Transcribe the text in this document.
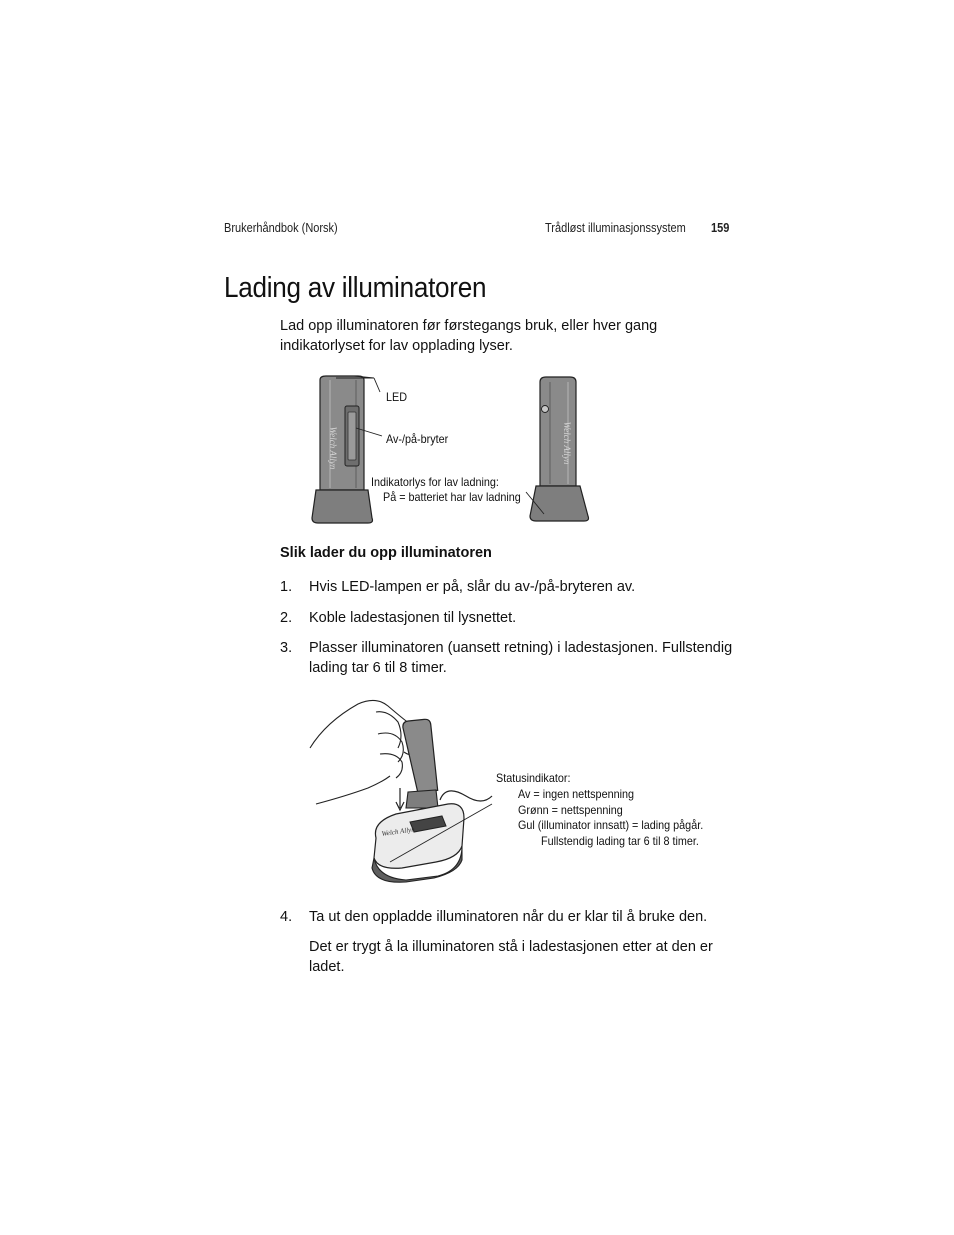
Brukerhåndbok (Norsk)	Trådløst illuminasjonssystem 159
Lading av illuminatoren
Lad opp illuminatoren før førstegangs bruk, eller hver gang indikatorlyset for lav opplading lyser.
Welch Allyn	Welch Allyn
LED
Av-/på-bryter
Indikatorlys for lav ladning:
På = batteriet har lav ladning
Slik lader du opp illuminatoren
1. Hvis LED-lampen er på, slår du av-/på-bryteren av.
2. Koble ladestasjonen til lysnettet.
3. Plasser illuminatoren (uansett retning) i ladestasjonen. Fullstendig lading tar 6 til 8 timer.
Welch Allyn
Statusindikator:
Av = ingen nettspenning
Grønn = nettspenning
Gul (illuminator innsatt) = lading pågår.
Fullstendig lading tar 6 til 8 timer.
4. Ta ut den oppladde illuminatoren når du er klar til å bruke den.
Det er trygt å la illuminatoren stå i ladestasjonen etter at den er ladet.
